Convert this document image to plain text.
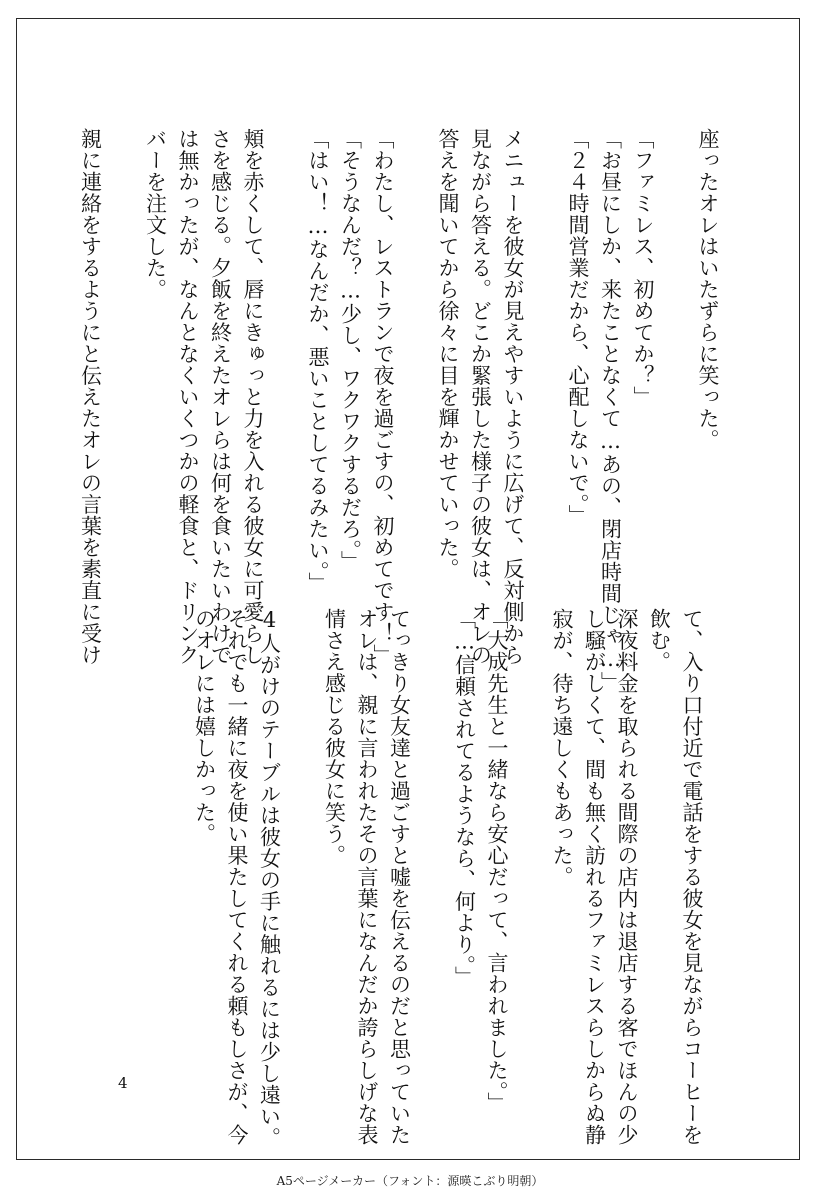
座ったオレはいたずらに笑った。

「ファミレス、初めてか？」

「お昼にしか、来たことなくて…あの、閉店時間じゃ…」

「２４時間営業だから、心配しないで。」

メニューを彼女が見えやすいように広げて、反対側から

見ながら答える。どこか緊張した様子の彼女は、オレの

答えを聞いてから徐々に目を輝かせていった。

「わたし、レストランで夜を過ごすの、初めてです！」

「そうなんだ？…少し、ワクワクするだろ。」

「はい！…なんだか、悪いことしてるみたい。」

頬を赤くして、唇にきゅっと力を入れる彼女に可愛らし

さを感じる。夕飯を終えたオレらは何を食いたいわけで

は無かったが、なんとなくいくつかの軽食と、ドリンク

バーを注文した。

親に連絡をするようにと伝えたオレの言葉を素直に受け

て、入り口付近で電話をする彼女を見ながらコーヒーを

飲む。

深夜料金を取られる間際の店内は退店する客でほんの少

し騒がしくて、間も無く訪れるファミレスらしからぬ静

寂が、待ち遠しくもあった。

「大成先生と一緒なら安心だって、言われました。」

「…信頼されてるようなら、何より。」

てっきり女友達と過ごすと嘘を伝えるのだと思っていた

オレは、親に言われたその言葉になんだか誇らしげな表

情さえ感じる彼女に笑う。

4人がけのテーブルは彼女の手に触れるには少し遠い。

それでも一緒に夜を使い果たしてくれる頼もしさが、今

のオレには嬉しかった。

4
A5ページメーカー（フォント：源暎こぶり明朝）
